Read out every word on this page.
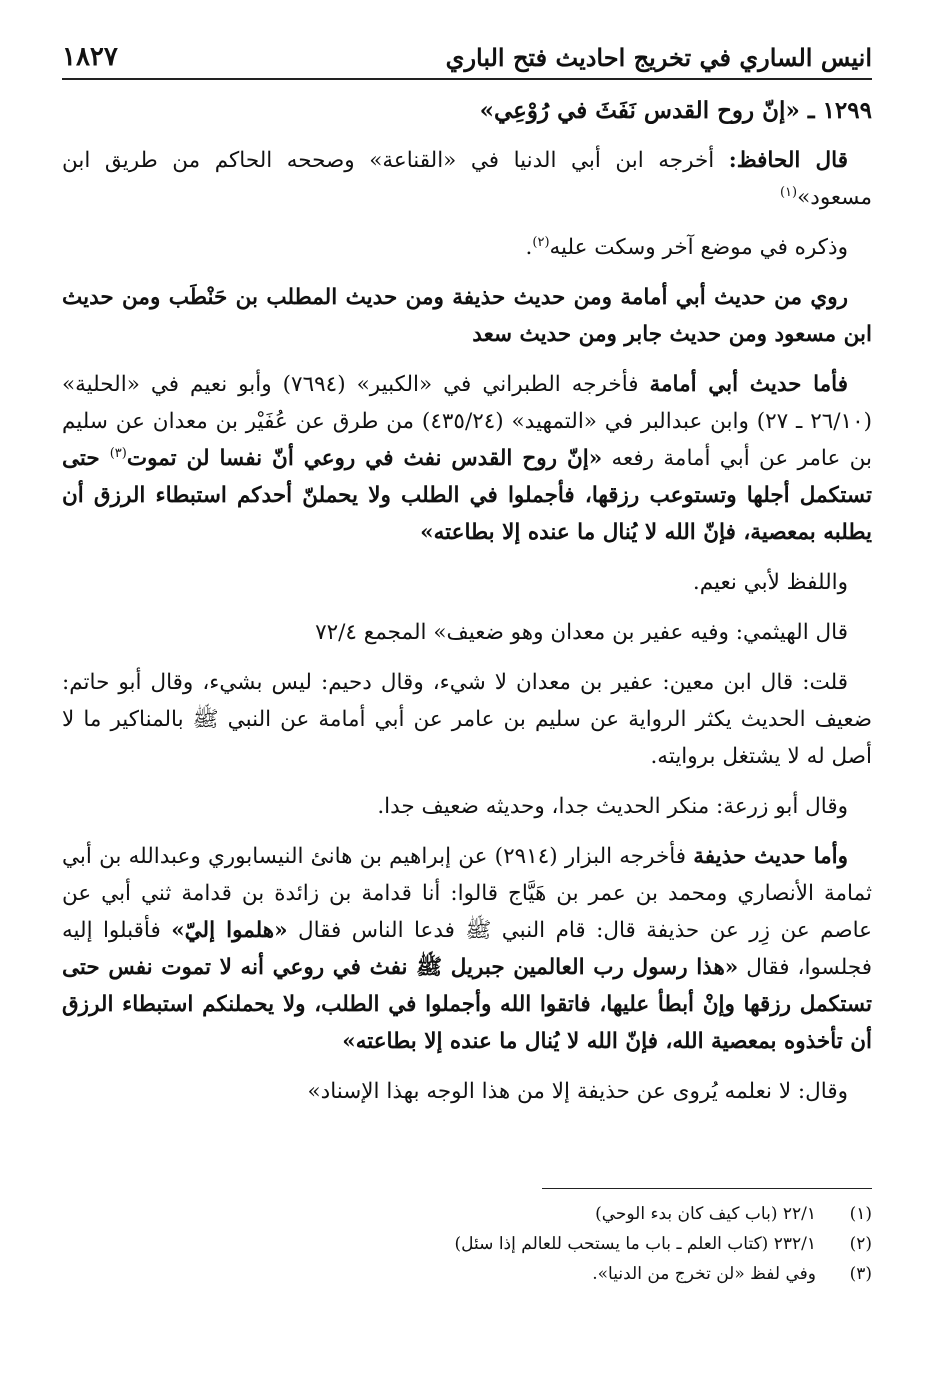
انيس الساري في تخريج احاديث فتح الباري
١٨٢٧

١٢٩٩ ـ «إنّ روح القدس نَفَثَ في رُوْعِي»

قال الحافظ: أخرجه ابن أبي الدنيا في «القناعة» وصححه الحاكم من طريق ابن مسعود»$^{(١)}$

وذكره في موضع آخر وسكت عليه$^{(٢)}$.

روي من حديث أبي أمامة ومن حديث حذيفة ومن حديث المطلب بن حَنْطَب ومن حديث ابن مسعود ومن حديث جابر ومن حديث سعد

فأما حديث أبي أمامة فأخرجه الطبراني في «الكبير» (٧٦٩٤) وأبو نعيم في «الحلية» (٢٦/١٠ ـ ٢٧) وابن عبدالبر في «التمهيد» (٤٣٥/٢٤) من طرق عن عُفَيْر بن معدان عن سليم بن عامر عن أبي أمامة رفعه «إنّ روح القدس نفث في روعي أنّ نفسا لن تموت$^{(٣)}$ حتى تستكمل أجلها وتستوعب رزقها، فأجملوا في الطلب ولا يحملنّ أحدكم استبطاء الرزق أن يطلبه بمعصية، فإنّ الله لا يُنال ما عنده إلا بطاعته»

واللفظ لأبي نعيم.

قال الهيثمي: وفيه عفير بن معدان وهو ضعيف» المجمع ٧٢/٤

قلت: قال ابن معين: عفير بن معدان لا شيء، وقال دحيم: ليس بشيء، وقال أبو حاتم: ضعيف الحديث يكثر الرواية عن سليم بن عامر عن أبي أمامة عن النبي ﷺ بالمناكير ما لا أصل له لا يشتغل بروايته.

وقال أبو زرعة: منكر الحديث جدا، وحديثه ضعيف جدا.

وأما حديث حذيفة فأخرجه البزار (٢٩١٤) عن إبراهيم بن هانئ النيسابوري وعبدالله بن أبي ثمامة الأنصاري ومحمد بن عمر بن هَيَّاج قالوا: أنا قدامة بن زائدة بن قدامة ثني أبي عن عاصم عن زِر عن حذيفة قال: قام النبي ﷺ فدعا الناس فقال «هلموا إليّ» فأقبلوا إليه فجلسوا، فقال «هذا رسول رب العالمين جبريل ﷺ نفث في روعي أنه لا تموت نفس حتى تستكمل رزقها وإنْ أبطأ عليها، فاتقوا الله وأجملوا في الطلب، ولا يحملنكم استبطاء الرزق أن تأخذوه بمعصية الله، فإنّ الله لا يُنال ما عنده إلا بطاعته»

وقال: لا نعلمه يُروى عن حذيفة إلا من هذا الوجه بهذا الإسناد»

(١)
٢٢/١ (باب كيف كان بدء الوحي)
(٢)
٢٣٢/١ (كتاب العلم ـ باب ما يستحب للعالم إذا سئل)
(٣)
وفي لفظ «لن تخرج من الدنيا».
